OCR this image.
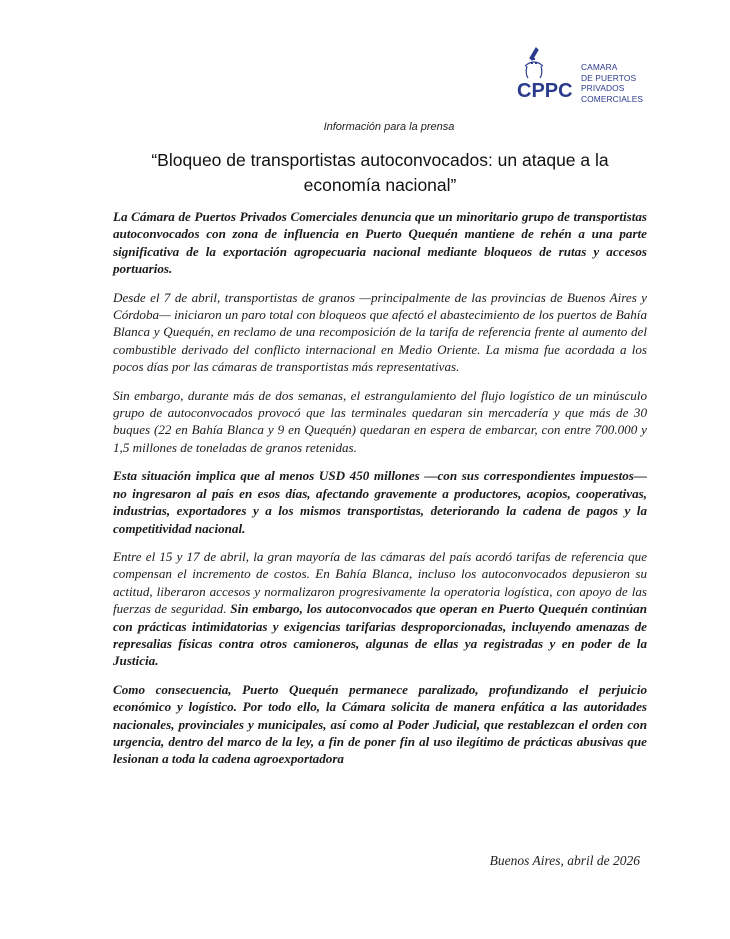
CPPC
CAMARA
DE PUERTOS
PRIVADOS
COMERCIALES
Información para la prensa
“Bloqueo de transportistas autoconvocados: un ataque a la
economía nacional”

La Cámara de Puertos Privados Comerciales denuncia que un minoritario grupo de transportistas autoconvocados con zona de influencia en Puerto Quequén mantiene de rehén a una parte significativa de la exportación agropecuaria nacional mediante bloqueos de rutas y accesos portuarios.

Desde el 7 de abril, transportistas de granos —principalmente de las provincias de Buenos Aires y Córdoba— iniciaron un paro total con bloqueos que afectó el abastecimiento de los puertos de Bahía Blanca y Quequén, en reclamo de una recomposición de la tarifa de referencia frente al aumento del combustible derivado del conflicto internacional en Medio Oriente. La misma fue acordada a los pocos días por las cámaras de transportistas más representativas.

Sin embargo, durante más de dos semanas, el estrangulamiento del flujo logístico de un minúsculo grupo de autoconvocados provocó que las terminales quedaran sin mercadería y que más de 30 buques (22 en Bahía Blanca y 9 en Quequén) quedaran en espera de embarcar, con entre 700.000 y 1,5 millones de toneladas de granos retenidas.

Esta situación implica que al menos USD 450 millones —con sus correspondientes impuestos— no ingresaron al país en esos días, afectando gravemente a productores, acopios, cooperativas, industrias, exportadores y a los mismos transportistas, deteriorando la cadena de pagos y la competitividad nacional.

Entre el 15 y 17 de abril, la gran mayoría de las cámaras del país acordó tarifas de referencia que compensan el incremento de costos. En Bahía Blanca, incluso los autoconvocados depusieron su actitud, liberaron accesos y normalizaron progresivamente la operatoria logística, con apoyo de las fuerzas de seguridad. Sin embargo, los autoconvocados que operan en Puerto Quequén continúan con prácticas intimidatorias y exigencias tarifarias desproporcionadas, incluyendo amenazas de represalias físicas contra otros camioneros, algunas de ellas ya registradas y en poder de la Justicia.

Como consecuencia, Puerto Quequén permanece paralizado, profundizando el perjuicio económico y logístico. Por todo ello, la Cámara solicita de manera enfática a las autoridades nacionales, provinciales y municipales, así como al Poder Judicial, que restablezcan el orden con urgencia, dentro del marco de la ley, a fin de poner fin al uso ilegítimo de prácticas abusivas que lesionan a toda la cadena agroexportadora

Buenos Aires, abril de 2026
